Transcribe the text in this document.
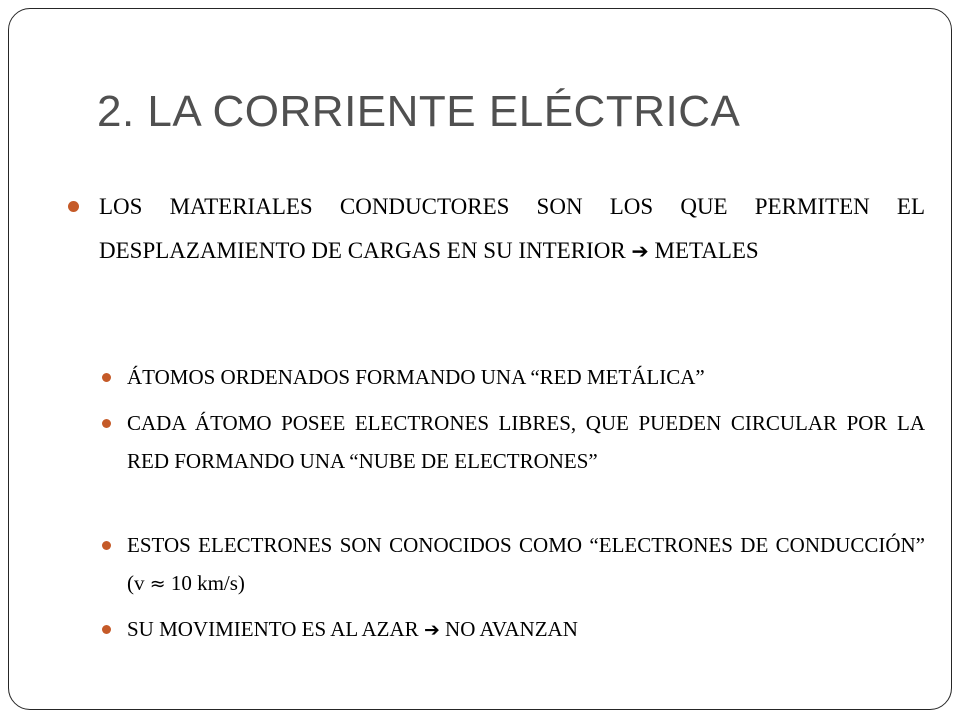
2. LA CORRIENTE ELÉCTRICA
LOS MATERIALES CONDUCTORES SON LOS QUE PERMITEN EL DESPLAZAMIENTO DE CARGAS EN SU INTERIOR ➔ METALES
ÁTOMOS ORDENADOS FORMANDO UNA “RED METÁLICA”
CADA ÁTOMO POSEE ELECTRONES LIBRES, QUE PUEDEN CIRCULAR POR LA RED FORMANDO UNA “NUBE DE ELECTRONES”
ESTOS ELECTRONES SON CONOCIDOS COMO “ELECTRONES DE CONDUCCIÓN” (v ≈ 10 km/s)
SU MOVIMIENTO ES AL AZAR ➔ NO AVANZAN
